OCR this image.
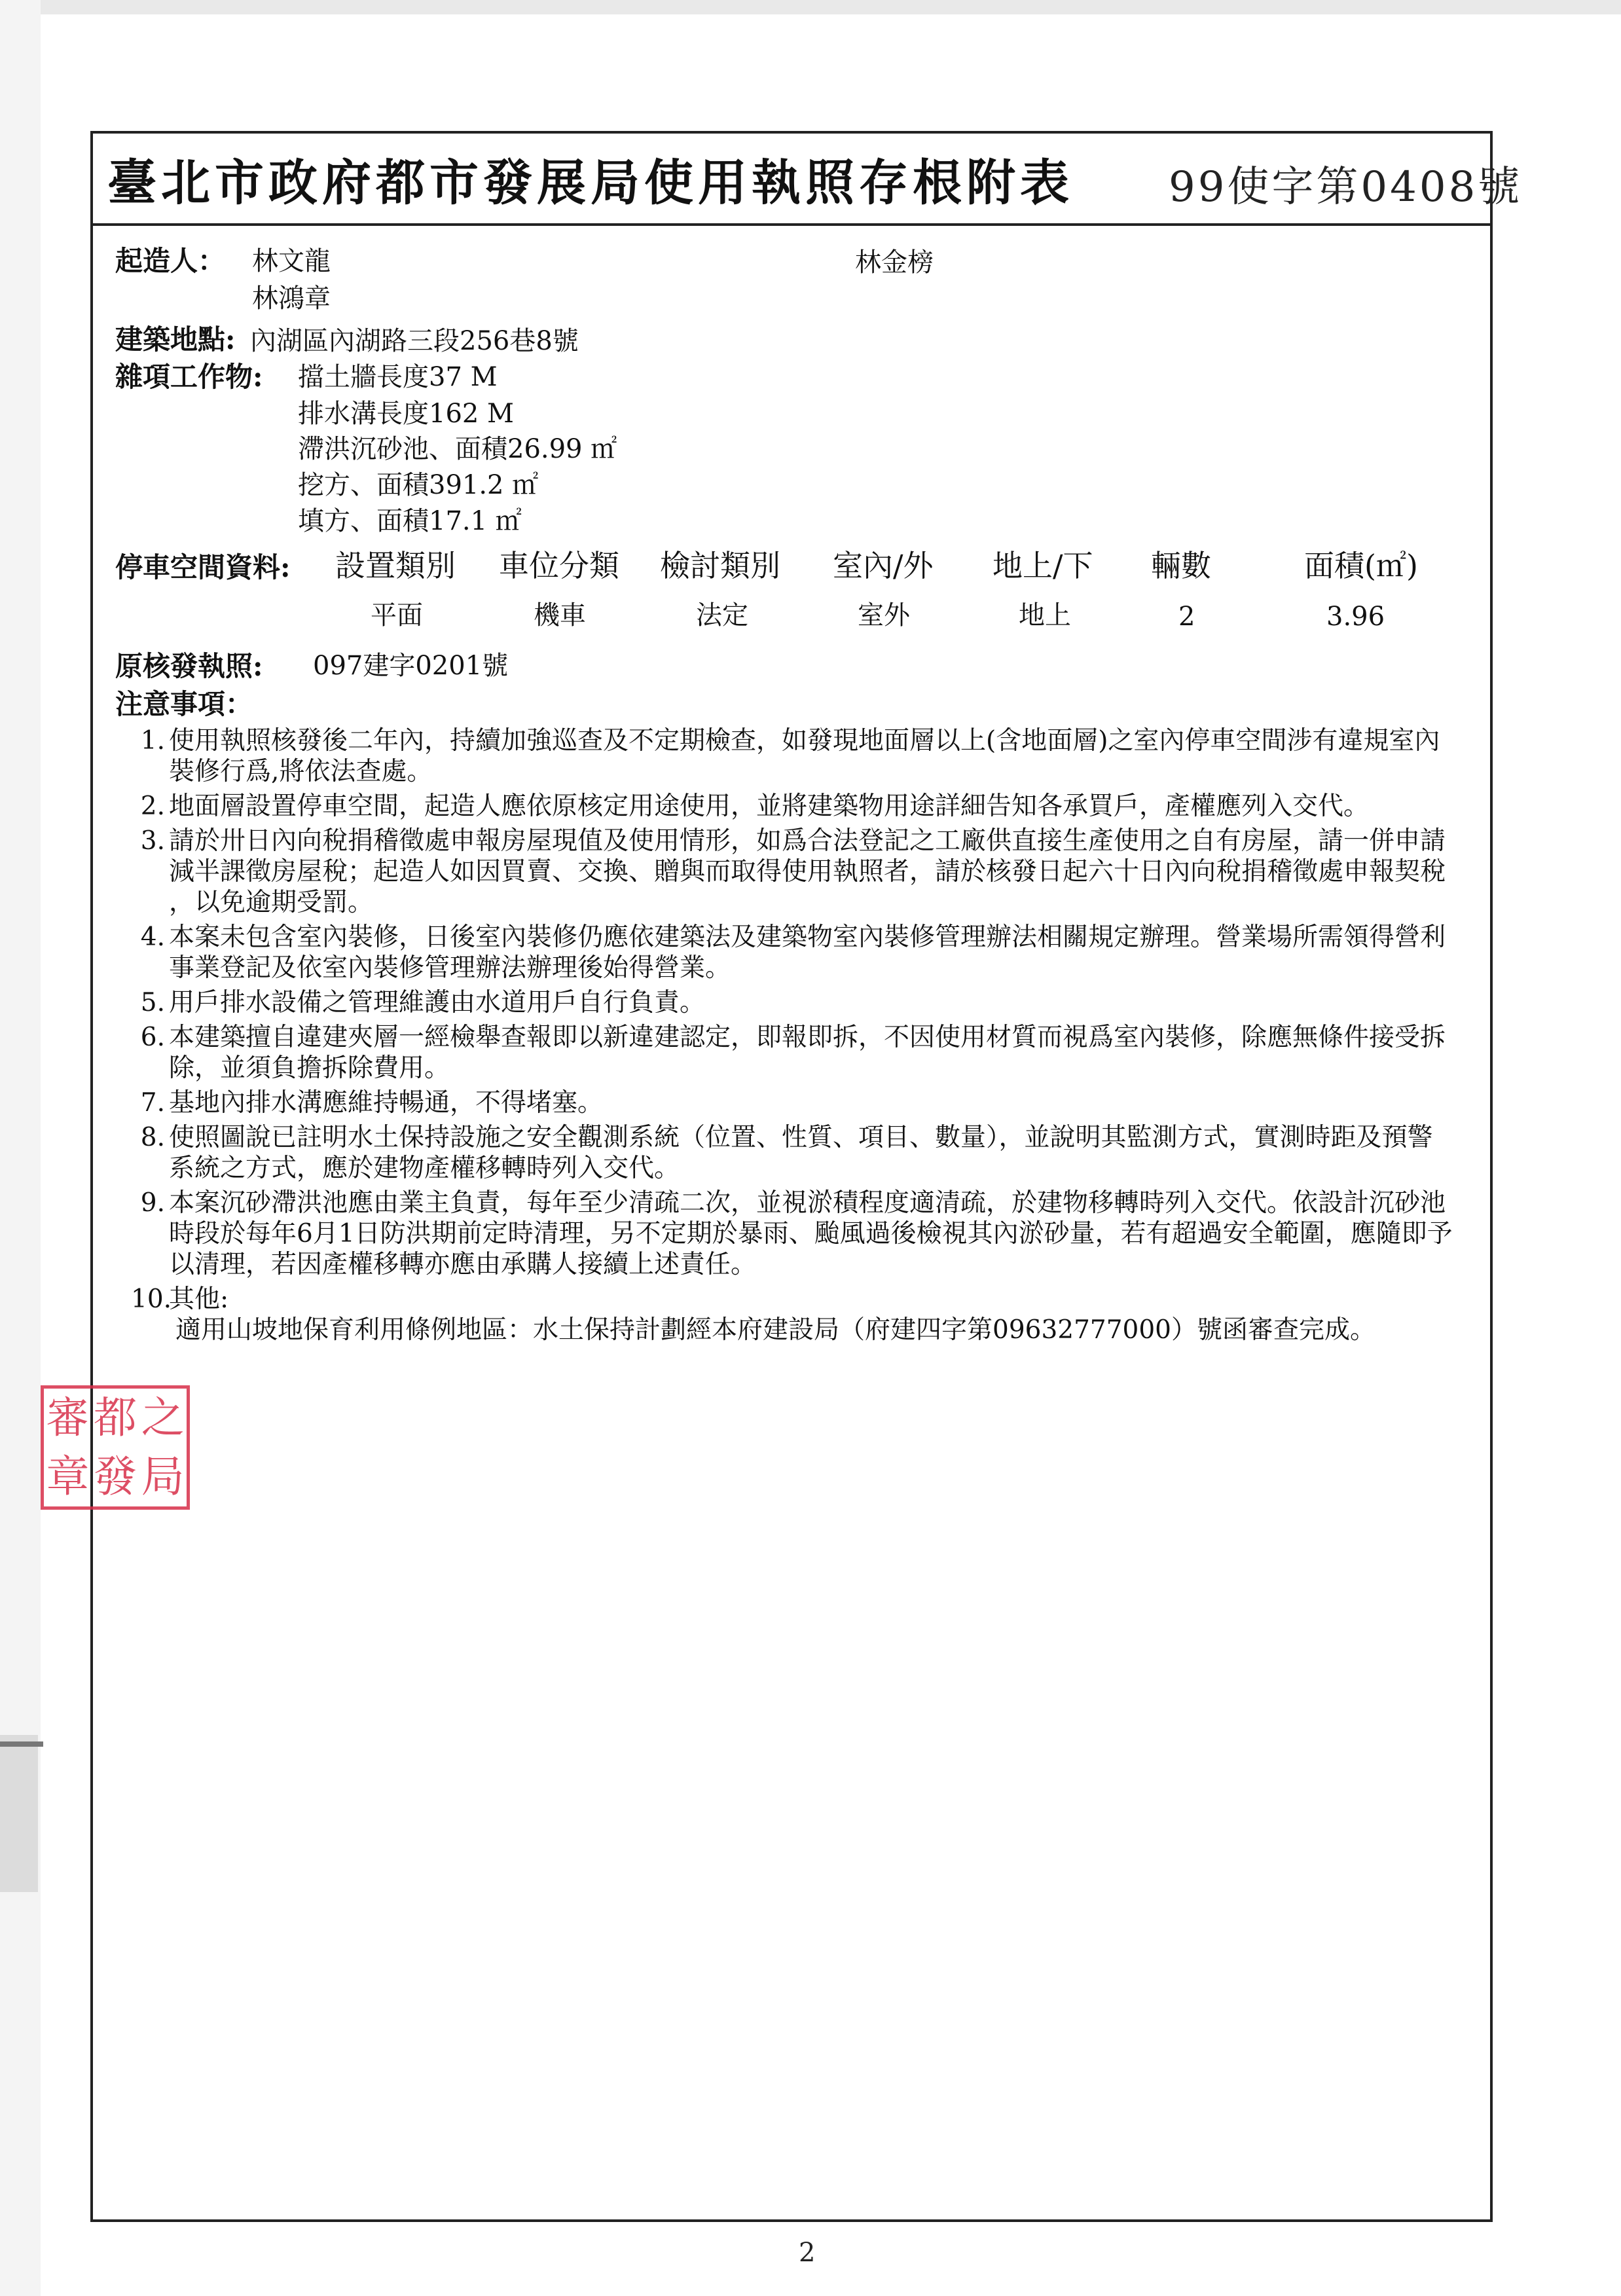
臺北市政府都市發展局使用執照存根附表 99使字第0408號
起造人： 林文龍	林金榜
林鴻章
建築地點: 內湖區內湖路三段256巷8號
雜項工作物: 擋土牆長度37 M
排水溝長度162 M
滯洪沉砂池、面積26.99 ㎡
挖方、面積391.2 ㎡
填方、面積17.1 ㎡
停車空間資料: 設置類別 車位分類 檢討類別 室內/外 地上/下 輛數	面積(㎡)
平面	機車	法定	室外	地上	2	3.96
原核發執照: 097建字0201號
注意事項：
1. 使用執照核發後二年內，持續加強巡查及不定期檢查，如發現地面層以上(含地面層)之室內停車空間涉有違規室內
裝修行爲,將依法查處。
2. 地面層設置停車空間，起造人應依原核定用途使用，並將建築物用途詳細告知各承買戶，產權應列入交代。
3. 請於卅日內向稅捐稽徵處申報房屋現值及使用情形，如爲合法登記之工廠供直接生產使用之自有房屋，請一併申請
減半課徵房屋稅；起造人如因買賣、交換、贈與而取得使用執照者，請於核發日起六十日內向稅捐稽徵處申報契稅
，以免逾期受罰。
4. 本案未包含室內裝修，日後室內裝修仍應依建築法及建築物室內裝修管理辦法相關規定辦理。營業場所需領得營利
事業登記及依室內裝修管理辦法辦理後始得營業。
5. 用戶排水設備之管理維護由水道用戶自行負責。
6. 本建築擅自違建夾層一經檢舉查報即以新違建認定，即報即拆，不因使用材質而視爲室內裝修，除應無條件接受拆
除，並須負擔拆除費用。
7. 基地內排水溝應維持暢通，不得堵塞。
8. 使照圖說已註明水土保持設施之安全觀測系統（位置、性質、項目、數量），並說明其監測方式，實測時距及預警
系統之方式，應於建物產權移轉時列入交代。
9. 本案沉砂滯洪池應由業主負責，每年至少清疏二次，並視淤積程度適清疏，於建物移轉時列入交代。依設計沉砂池
時段於每年6月1日防洪期前定時清理，另不定期於暴雨、颱風過後檢視其內淤砂量，若有超過安全範圍，應隨即予
以清理，若因產權移轉亦應由承購人接續上述責任。
10.
其他:
適用山坡地保育利用條例地區：水土保持計劃經本府建設局（府建四字第09632777000）號函審查完成。
審 都 之
章 發 局
2
